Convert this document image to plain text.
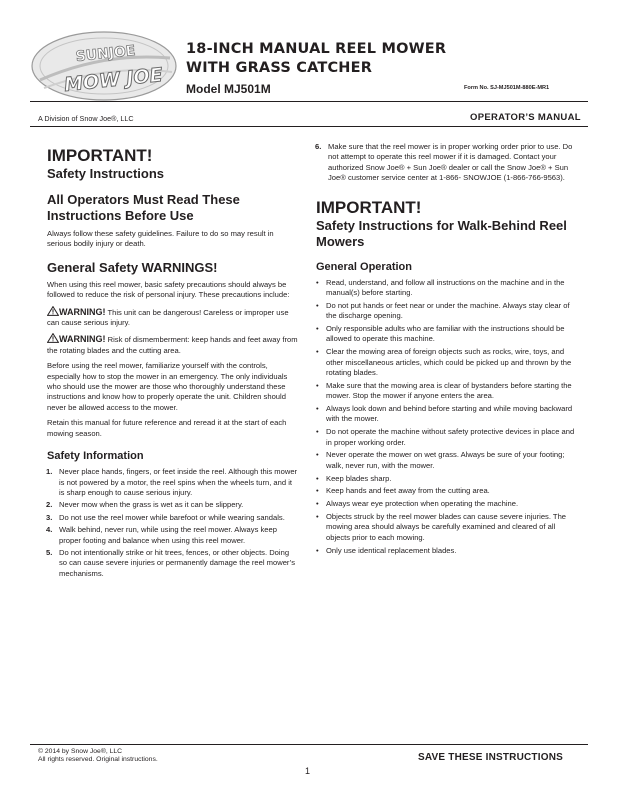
SUNJOE
MOW JOE
18-INCH MANUAL REEL MOWER
WITH GRASS CATCHER
Model MJ501M	Form No. SJ-MJ501M-880E-MR1
A Division of Snow Joe®, LLC	OPERATOR’S MANUAL
IMPORTANT!
Safety Instructions
All Operators Must Read These Instructions Before Use

Always follow these safety guidelines. Failure to do so may result in serious bodily injury or death.

General Safety WARNINGS!

When using this reel mower, basic safety precautions should always be followed to reduce the risk of personal injury. These precautions include:

WARNING! This unit can be dangerous! Careless or improper use can cause serious injury.

WARNING! Risk of dismemberment: keep hands and feet away from the rotating blades and the cutting area.

Before using the reel mower, familiarize yourself with the controls, especially how to stop the mower in an emergency. The only individuals who should use the mower are those who thoroughly understand these instructions and know how to properly operate the unit. Children should never be allowed access to the mower.

Retain this manual for future reference and reread it at the start of each mowing season.

Safety Information
1. Never place hands, fingers, or feet inside the reel. Although this mower is not powered by a motor, the reel spins when the wheels turn, and it is sharp enough to cause serious injury.
2. Never mow when the grass is wet as it can be slippery.
3. Do not use the reel mower while barefoot or while wearing sandals.
4. Walk behind, never run, while using the reel mower. Always keep proper footing and balance when using this reel mower.
5. Do not intentionally strike or hit trees, fences, or other objects. Doing so can cause severe injuries or permanently damage the reel mower’s mechanisms.
6. Make sure that the reel mower is in proper working order prior to use. Do not attempt to operate this reel mower if it is damaged. Contact your authorized Snow Joe® + Sun Joe® dealer or call the Snow Joe® + Sun Joe® customer service center at 1-866- SNOWJOE (1-866-766-9563).
IMPORTANT!
Safety Instructions for Walk-Behind Reel Mowers
General Operation
• Read, understand, and follow all instructions on the machine and in the manual(s) before starting.
• Do not put hands or feet near or under the machine. Always stay clear of the discharge opening.
• Only responsible adults who are familiar with the instructions should be allowed to operate this machine.
• Clear the mowing area of foreign objects such as rocks, wire, toys, and other miscellaneous articles, which could be picked up and thrown by the rotating blades.
• Make sure that the mowing area is clear of bystanders before starting the mower. Stop the mower if anyone enters the area.
• Always look down and behind before starting and while moving backward with the mower.
• Do not operate the machine without safety protective devices in place and in proper working order.
• Never operate the mower on wet grass. Always be sure of your footing; walk, never run, with the mower.
• Keep blades sharp.
• Keep hands and feet away from the cutting area.
• Always wear eye protection when operating the machine.
• Objects struck by the reel mower blades can cause severe injuries. The mowing area should always be carefully examined and cleared of all objects prior to each mowing.
• Only use identical replacement blades.
© 2014 by Snow Joe®, LLC
All rights reserved. Original instructions.	SAVE THESE INSTRUCTIONS
1
